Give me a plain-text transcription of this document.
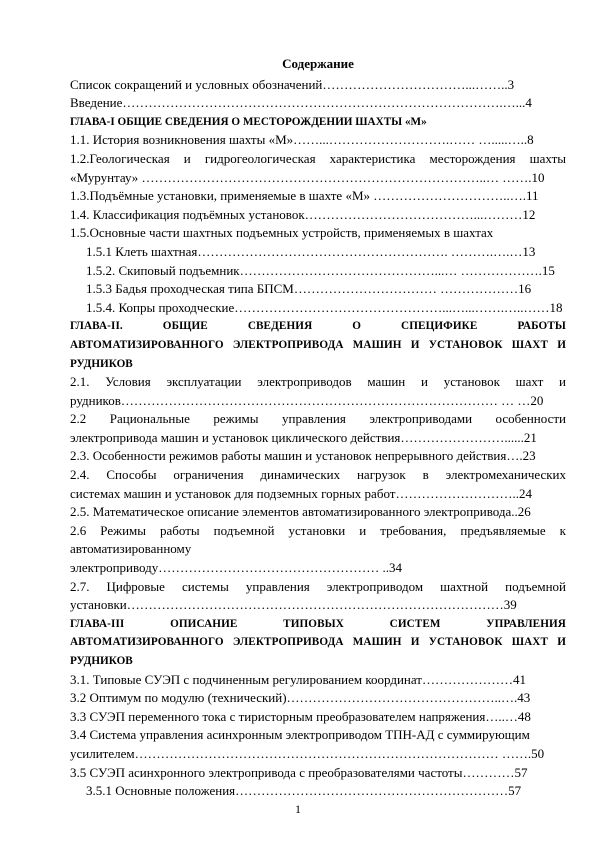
Содержание
Список сокращений и условных обозначений……………………………...……..3
Введение…………………………………………………………………………….…...4
ГЛАВА-I ОБЩИЕ СВЕДЕНИЯ О МЕСТОРОЖДЕНИИ ШАХТЫ «М»
1.1. История возникновения шахты «М»……...……………………….…… ….....…..8
1.2.Геологическая и гидрогеологическая характеристика месторождения шахты
«Мурунтау» ……………………………………………………………………..… …….10
1.3.Подъёмные установки, применяемые в шахте «М» …………………………..….11
1.4. Классификация подъёмных установок…………………………………...………12
1.5.Основные части шахтных подъемных устройств, применяемых в шахтах
1.5.1 Клеть шахтная…………………………………………………. ……….….…13
1.5.2. Скиповый подъемник………………………………………...… ……………….15
1.5.3 Бадья проходческая типа БПСМ…………………………… ………………16
1.5.4. Копры проходческие…………………………………………...…...…….…..……18
ГЛАВА-II. ОБЩИЕ СВЕДЕНИЯ О СПЕЦИФИКЕ РАБОТЫ
АВТОМАТИЗИРОВАННОГО ЭЛЕКТРОПРИВОДА МАШИН И УСТАНОВОК ШАХТ И
РУДНИКОВ
2.1. Условия эксплуатации электроприводов машин и установок шахт и
рудников…………………………………………………………………………… … …20
2.2 Рациональные режимы управления электроприводами особенности
электропривода машин и установок циклического действия……………………......21
2.3. Особенности режимов работы машин и установок непрерывного действия….23
2.4. Способы ограничения динамических нагрузок в электромеханических
системах машин и установок для подземных горных работ………………………..24
2.5. Математическое описание элементов автоматизированного электропривода..26
2.6 Режимы работы подъемной установки и требования, предъявляемые к
автоматизированному
электроприводу…………………………………………… ..34
2.7. Цифровые системы управления электроприводом шахтной подъемной
установки……………………………………………………………………………39
ГЛАВА-III ОПИСАНИЕ ТИПОВЫХ СИСТЕМ УПРАВЛЕНИЯ
АВТОМАТИЗИРОВАННОГО ЭЛЕКТРОПРИВОДА МАШИН И УСТАНОВОК ШАХТ И
РУДНИКОВ
3.1. Типовые СУЭП с подчиненным регулированием координат…………………41
3.2 Оптимум по модулю (технический)…………………………………………..….43
3.3 СУЭП переменного тока с тиристорным преобразователем напряжения…..…48
3.4 Система управления асинхронным электроприводом ТПН-АД с суммирующим
усилителем………………………………………………………………………… …….50
3.5 СУЭП асинхронного электропривода с преобразователями частоты…………57
3.5.1 Основные положения………………………………………………………57
1
